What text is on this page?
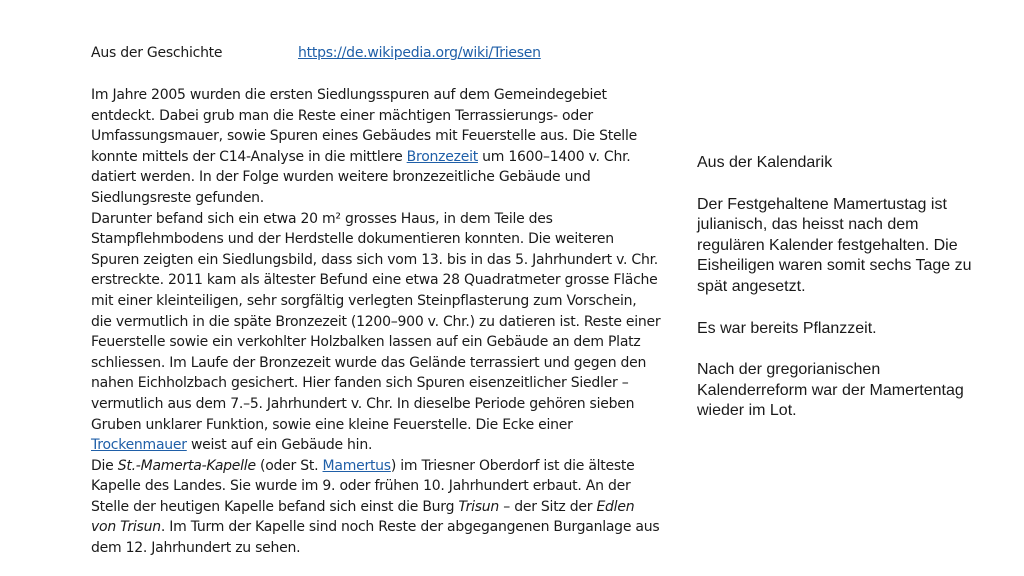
Aus der Geschichte	https://de.wikipedia.org/wiki/Triesen

Im Jahre 2005 wurden die ersten Siedlungsspuren auf dem Gemeindegebiet entdeckt. Dabei grub man die Reste einer mächtigen Terrassierungs- oder Umfassungsmauer, sowie Spuren eines Gebäudes mit Feuerstelle aus. Die Stelle konnte mittels der C14-Analyse in die mittlere Bronzezeit um 1600–1400 v. Chr. datiert werden. In der Folge wurden weitere bronzezeitliche Gebäude und Siedlungsreste gefunden.

Darunter befand sich ein etwa 20 m² grosses Haus, in dem Teile des Stampflehmbodens und der Herdstelle dokumentieren konnten. Die weiteren Spuren zeigten ein Siedlungsbild, dass sich vom 13. bis in das 5. Jahrhundert v. Chr. erstreckte. 2011 kam als ältester Befund eine etwa 28 Quadratmeter grosse Fläche mit einer kleinteiligen, sehr sorgfältig verlegten Steinpflasterung zum Vorschein, die vermutlich in die späte Bronzezeit (1200–900 v. Chr.) zu datieren ist. Reste einer Feuerstelle sowie ein verkohlter Holzbalken lassen auf ein Gebäude an dem Platz schliessen. Im Laufe der Bronzezeit wurde das Gelände terrassiert und gegen den nahen Eichholzbach gesichert. Hier fanden sich Spuren eisenzeitlicher Siedler – vermutlich aus dem 7.–5. Jahrhundert v. Chr. In dieselbe Periode gehören sieben Gruben unklarer Funktion, sowie eine kleine Feuerstelle. Die Ecke einer Trockenmauer weist auf ein Gebäude hin.

Die St.-Mamerta-Kapelle (oder St. Mamertus) im Triesner Oberdorf ist die älteste Kapelle des Landes. Sie wurde im 9. oder frühen 10. Jahrhundert erbaut. An der Stelle der heutigen Kapelle befand sich einst die Burg Trisun – der Sitz der Edlen von Trisun. Im Turm der Kapelle sind noch Reste der abgegangenen Burganlage aus dem 12. Jahrhundert zu sehen.

Aus der Kalendarik

Der Festgehaltene Mamertustag ist julianisch, das heisst nach dem regulären Kalender festgehalten. Die Eisheiligen waren somit sechs Tage zu spät angesetzt.

Es war bereits Pflanzzeit.

Nach der gregorianischen Kalenderreform war der Mamertentag wieder im Lot.
